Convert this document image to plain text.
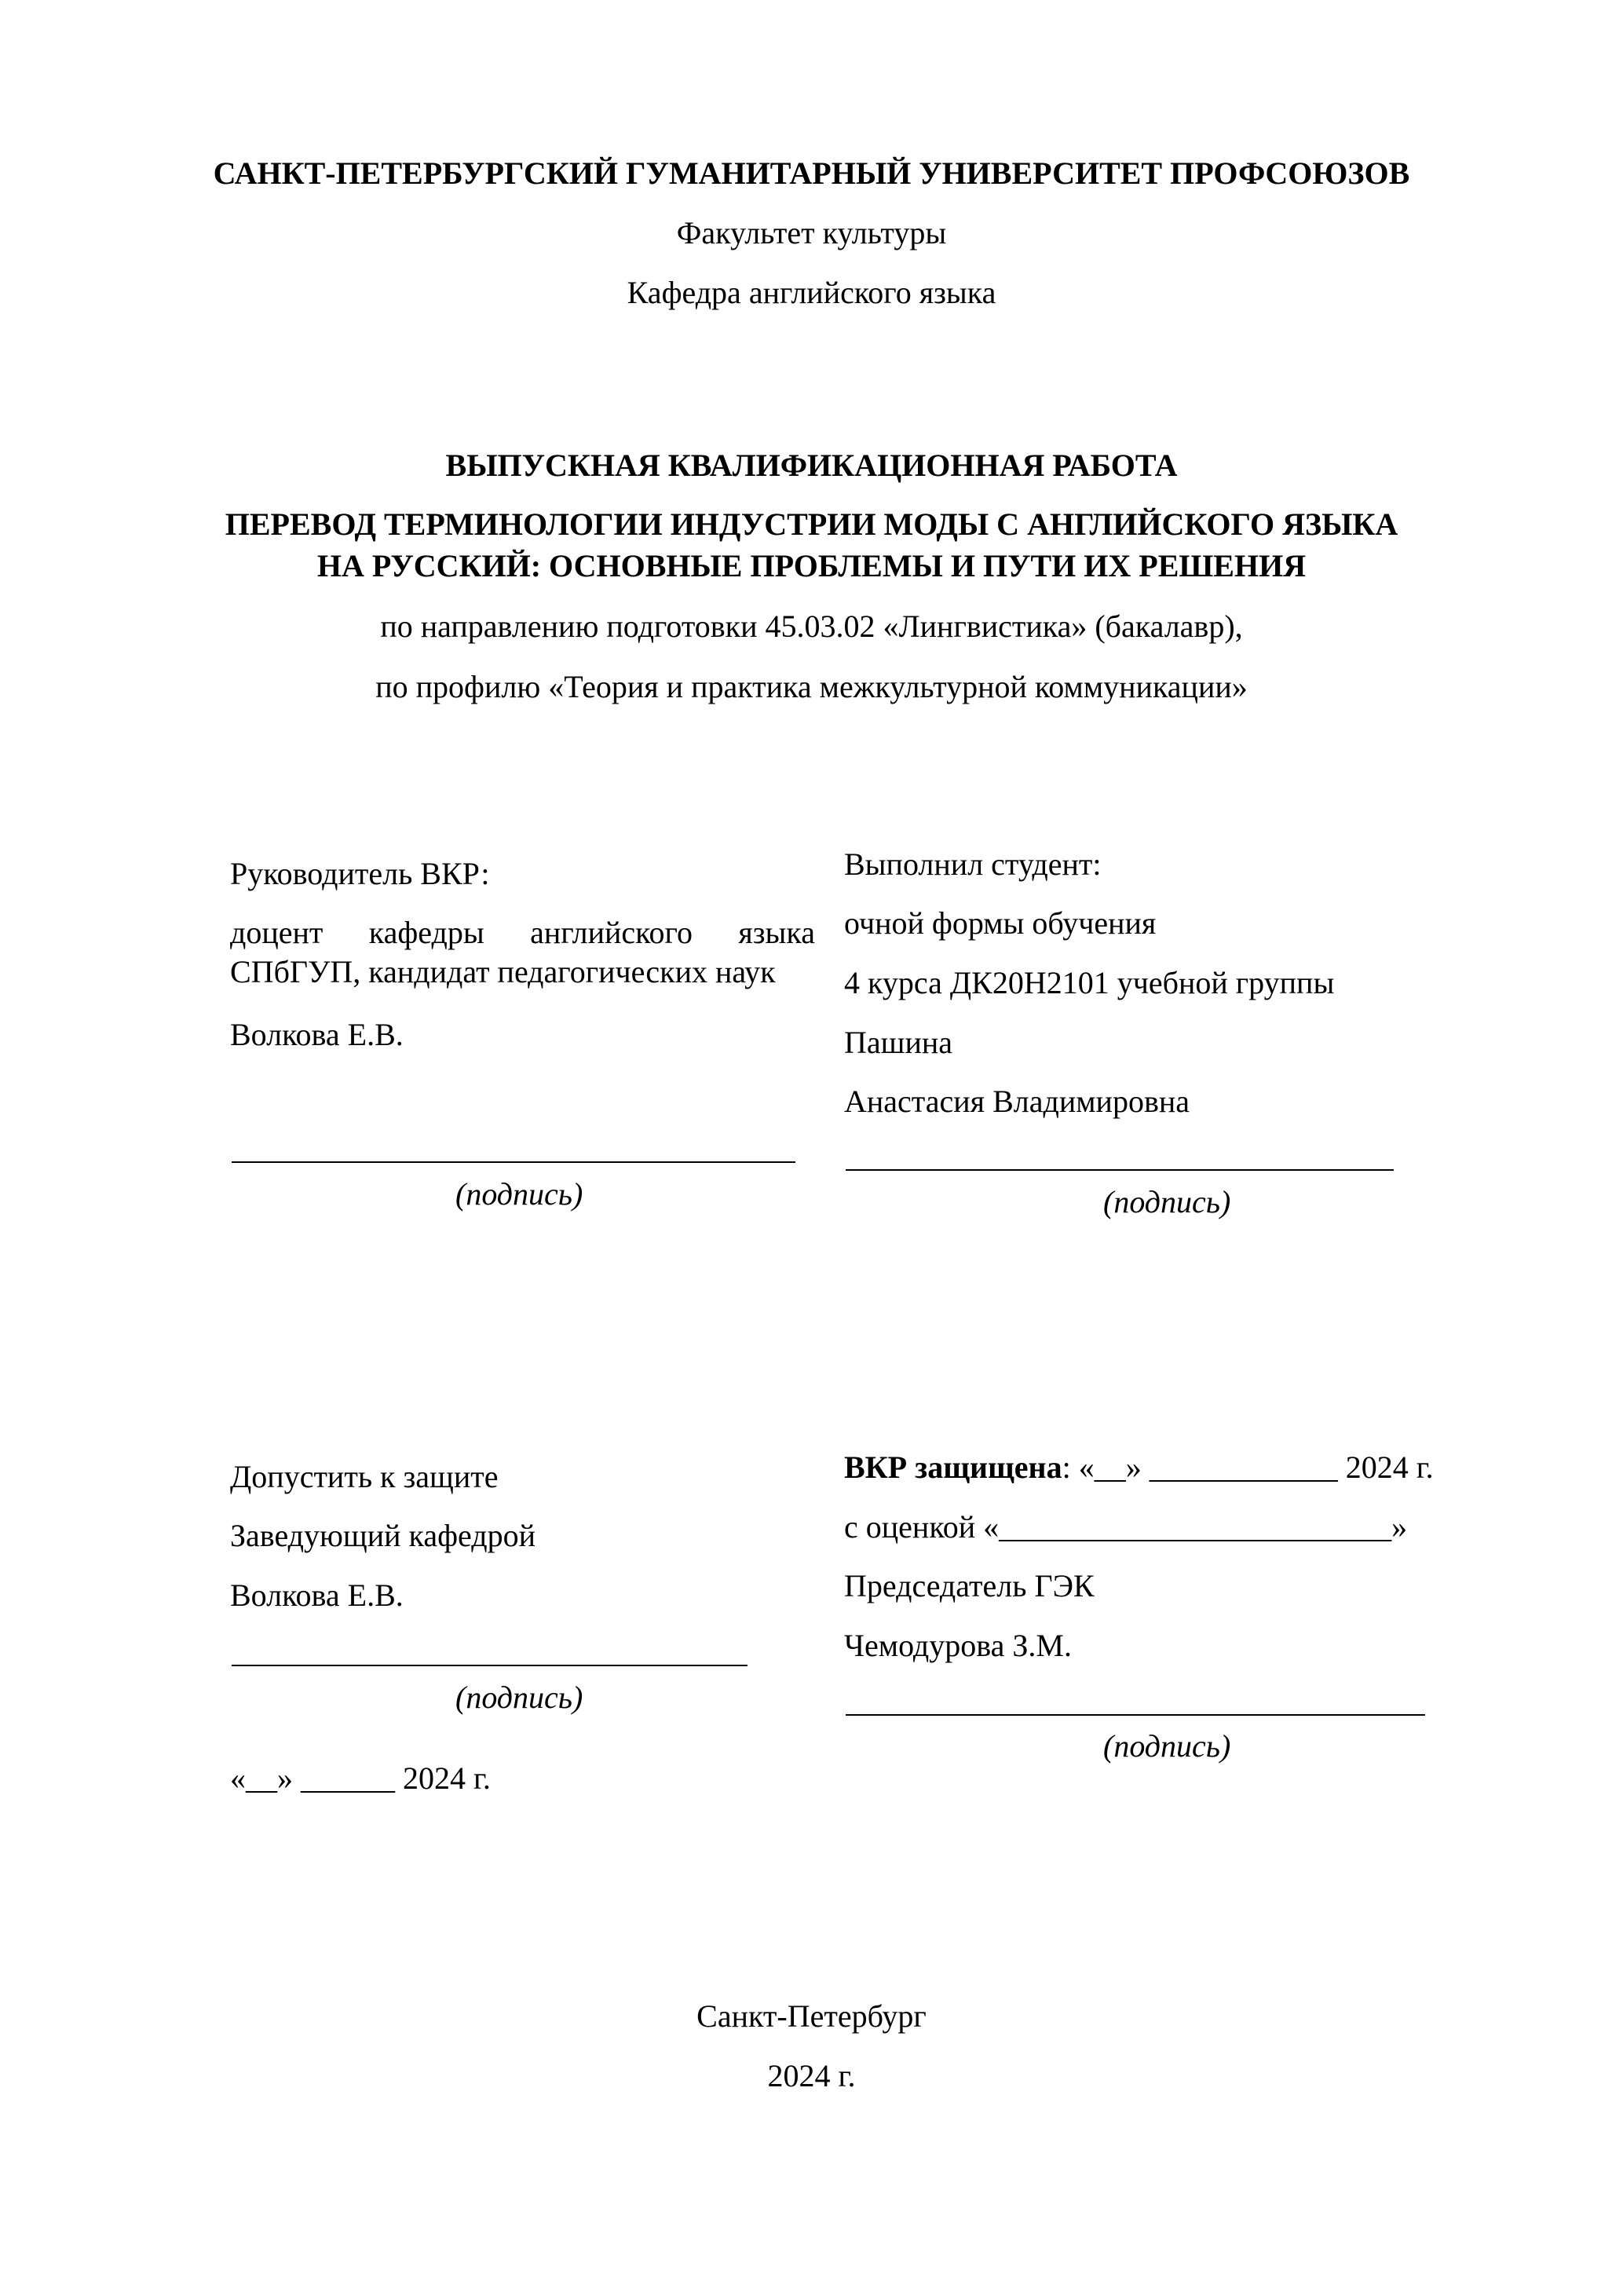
САНКТ-ПЕТЕРБУРГСКИЙ ГУМАНИТАРНЫЙ УНИВЕРСИТЕТ ПРОФСОЮЗОВ
Факультет культуры
Кафедра английского языка
ВЫПУСКНАЯ КВАЛИФИКАЦИОННАЯ РАБОТА
ПЕРЕВОД ТЕРМИНОЛОГИИ ИНДУСТРИИ МОДЫ С АНГЛИЙСКОГО ЯЗЫКА
НА РУССКИЙ: ОСНОВНЫЕ ПРОБЛЕМЫ И ПУТИ ИХ РЕШЕНИЯ
по направлению подготовки 45.03.02 «Лингвистика» (бакалавр),
по профилю «Теория и практика межкультурной коммуникации»
Руководитель ВКР:
доцент кафедры английского языка
СПбГУП, кандидат педагогических наук
Волкова Е.В.
(подпись)
Выполнил студент:
очной формы обучения
4 курса ДК20Н2101 учебной группы
Пашина
Анастасия Владимировна
(подпись)
Допустить к защите
Заведующий кафедрой
Волкова Е.В.
(подпись)
«__» ______ 2024 г.
ВКР защищена: «__» ____________ 2024 г.
с оценкой «_________________________»
Председатель ГЭК
Чемодурова З.М.
(подпись)
Санкт-Петербург
2024 г.
